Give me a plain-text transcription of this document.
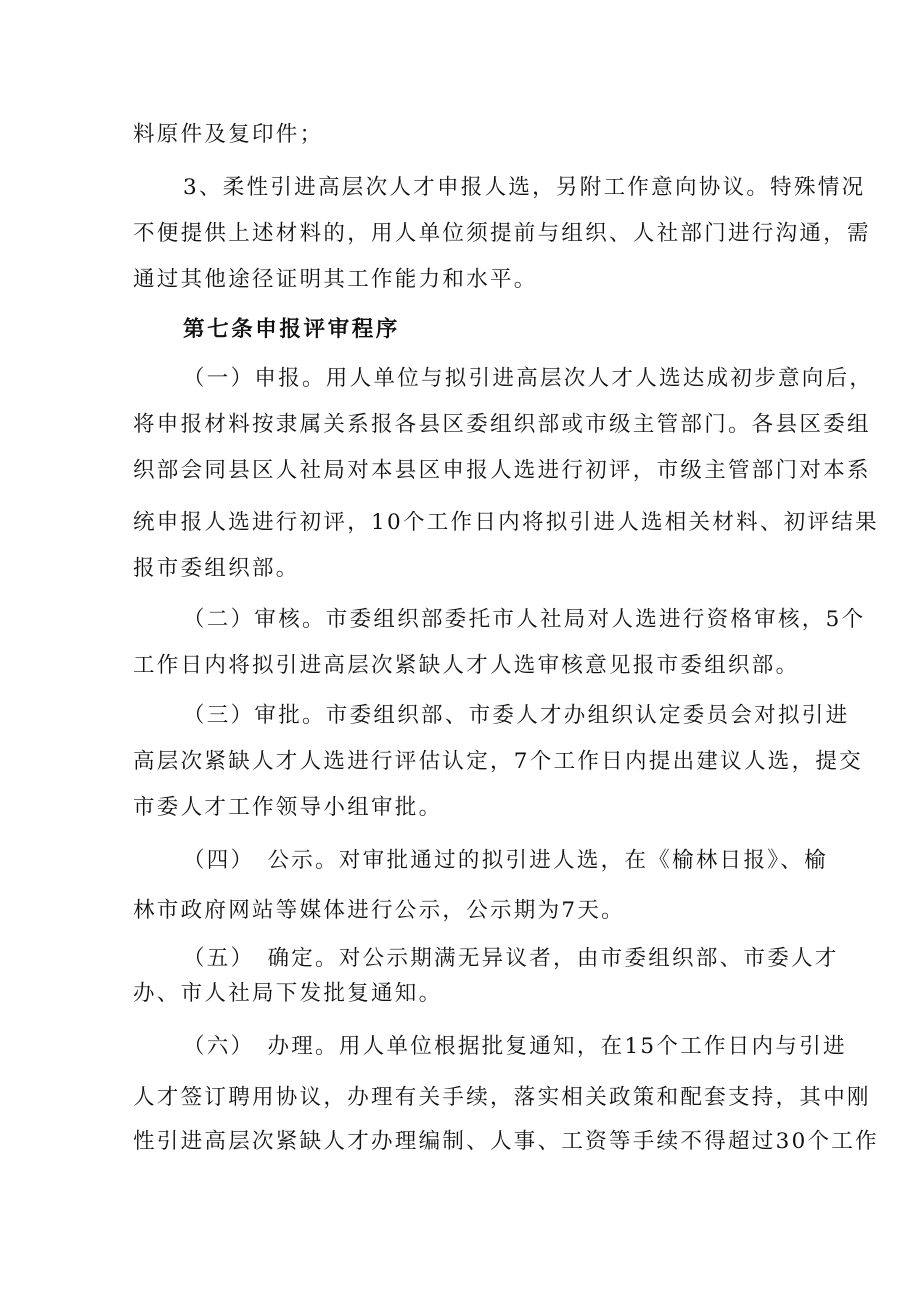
料原件及复印件；
3、柔性引进高层次人才申报人选，另附工作意向协议。特殊情况
不便提供上述材料的，用人单位须提前与组织、人社部门进行沟通，需
通过其他途径证明其工作能力和水平。
第七条申报评审程序
（一）申报。用人单位与拟引进高层次人才人选达成初步意向后，
将申报材料按隶属关系报各县区委组织部或市级主管部门。各县区委组
织部会同县区人社局对本县区申报人选进行初评，市级主管部门对本系
统申报人选进行初评，10个工作日内将拟引进人选相关材料、初评结果
报市委组织部。
（二）审核。市委组织部委托市人社局对人选进行资格审核，5个
工作日内将拟引进高层次紧缺人才人选审核意见报市委组织部。
（三）审批。市委组织部、市委人才办组织认定委员会对拟引进
高层次紧缺人才人选进行评估认定，7个工作日内提出建议人选，提交
市委人才工作领导小组审批。
（四）　公示。对审批通过的拟引进人选，在《榆林日报》、榆
林市政府网站等媒体进行公示，公示期为7天。
（五）　确定。对公示期满无异议者，由市委组织部、市委人才
办、市人社局下发批复通知。
（六）　办理。用人单位根据批复通知，在15个工作日内与引进
人才签订聘用协议，办理有关手续，落实相关政策和配套支持，其中刚
性引进高层次紧缺人才办理编制、人事、工资等手续不得超过30个工作
